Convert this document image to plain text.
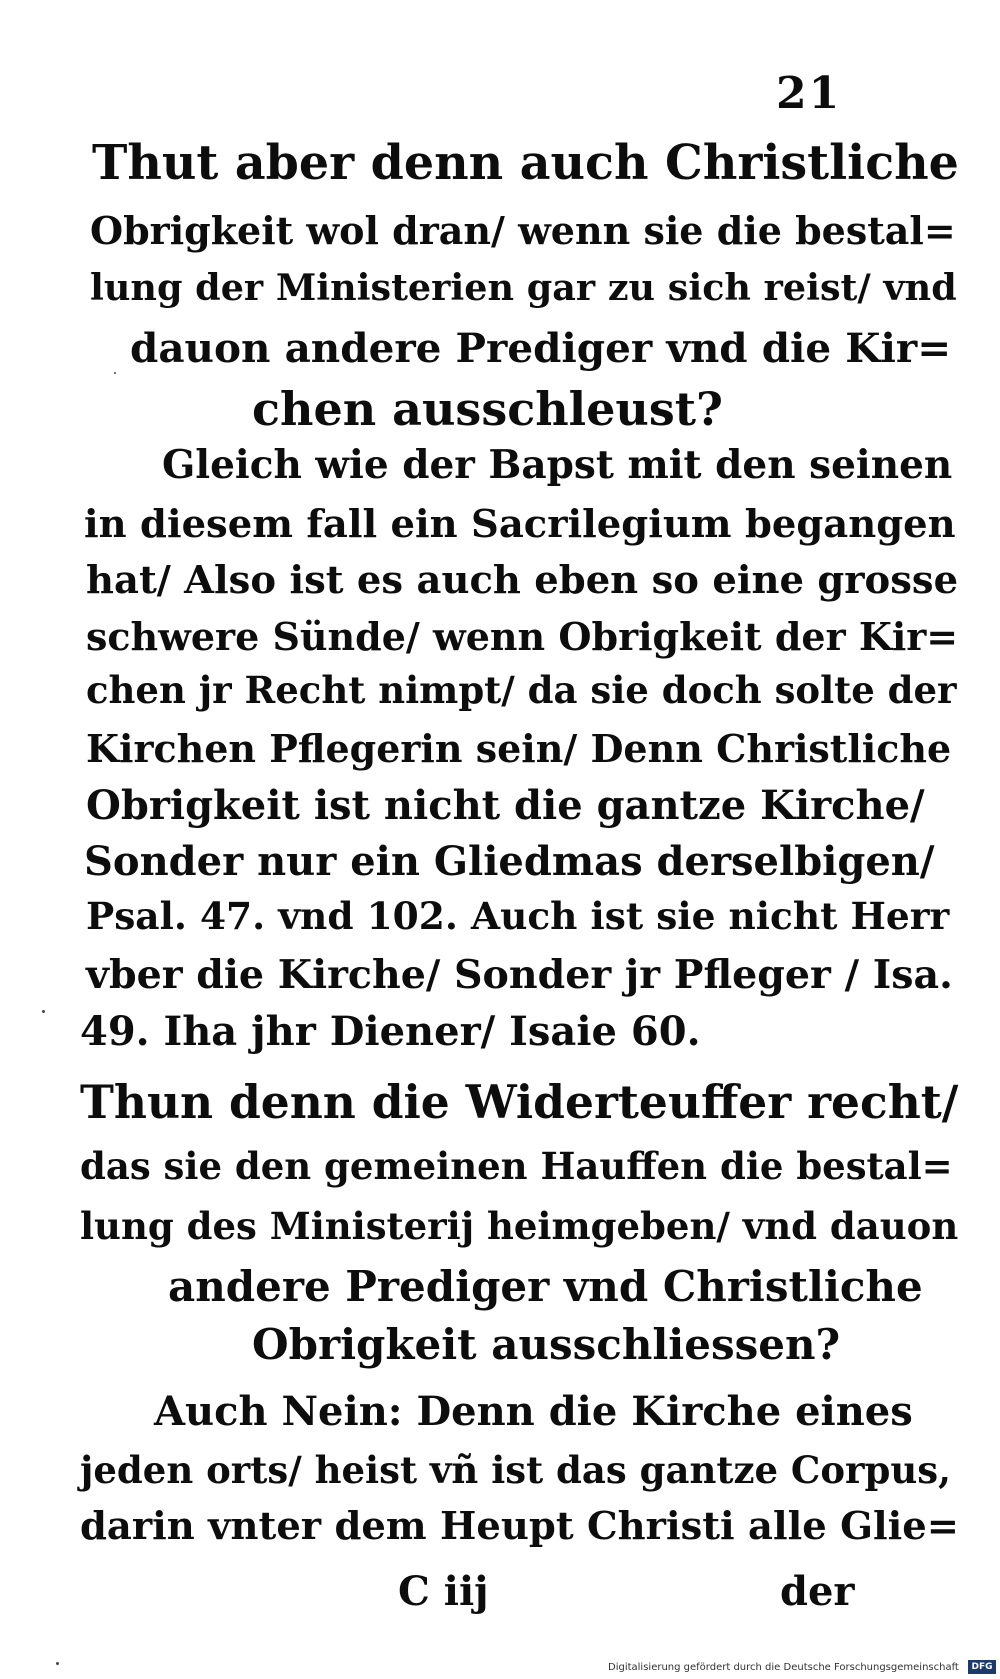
21
Thut aber denn auch Christliche
Obrigkeit wol dran/ wenn sie die bestal=
lung der Ministerien gar zu sich reist/ vnd
dauon andere Prediger vnd die Kir=
chen ausschleust?
Gleich wie der Bapst mit den seinen
in diesem fall ein Sacrilegium begangen
hat/ Also ist es auch eben so eine grosse
schwere Sünde/ wenn Obrigkeit der Kir=
chen jr Recht nimpt/ da sie doch solte der
Kirchen Pflegerin sein/ Denn Christliche
Obrigkeit ist nicht die gantze Kirche/
Sonder nur ein Gliedmas derselbigen/
Psal. 47. vnd 102. Auch ist sie nicht Herr
vber die Kirche/ Sonder jr Pfleger / Isa.
49. Iha jhr Diener/ Isaie 60.
Thun denn die Widerteuffer recht/
das sie den gemeinen Hauffen die bestal=
lung des Ministerij heimgeben/ vnd dauon
andere Prediger vnd Christliche
Obrigkeit ausschliessen?
Auch Nein: Denn die Kirche eines
jeden orts/ heist vñ ist das gantze Corpus,
darin vnter dem Heupt Christi alle Glie=
C iij	der
Digitalisierung gefördert durch die Deutsche Forschungsgemeinschaft	DFG
